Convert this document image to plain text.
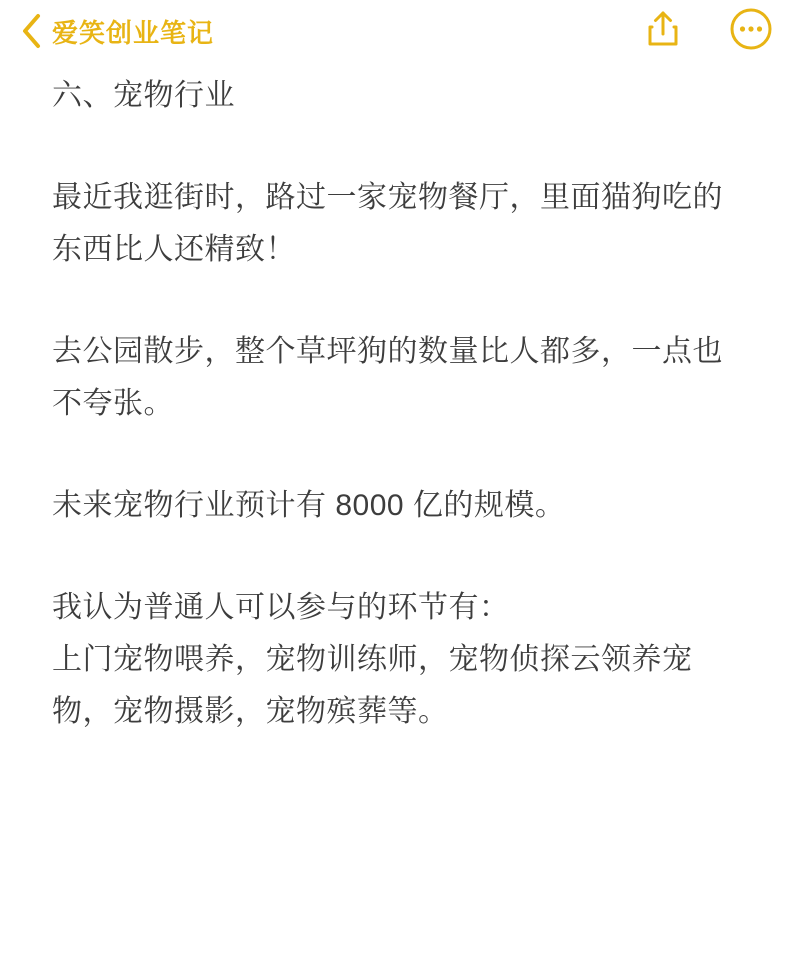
爱笑创业笔记

六、宠物行业

最近我逛街时，路过一家宠物餐厅，里面猫狗吃的东西比人还精致！

去公园散步，整个草坪狗的数量比人都多，一点也不夸张。

未来宠物行业预计有 8000 亿的规模。

我认为普通人可以参与的环节有：

上门宠物喂养，宠物训练师，宠物侦探云领养宠物，宠物摄影，宠物殡葬等。
